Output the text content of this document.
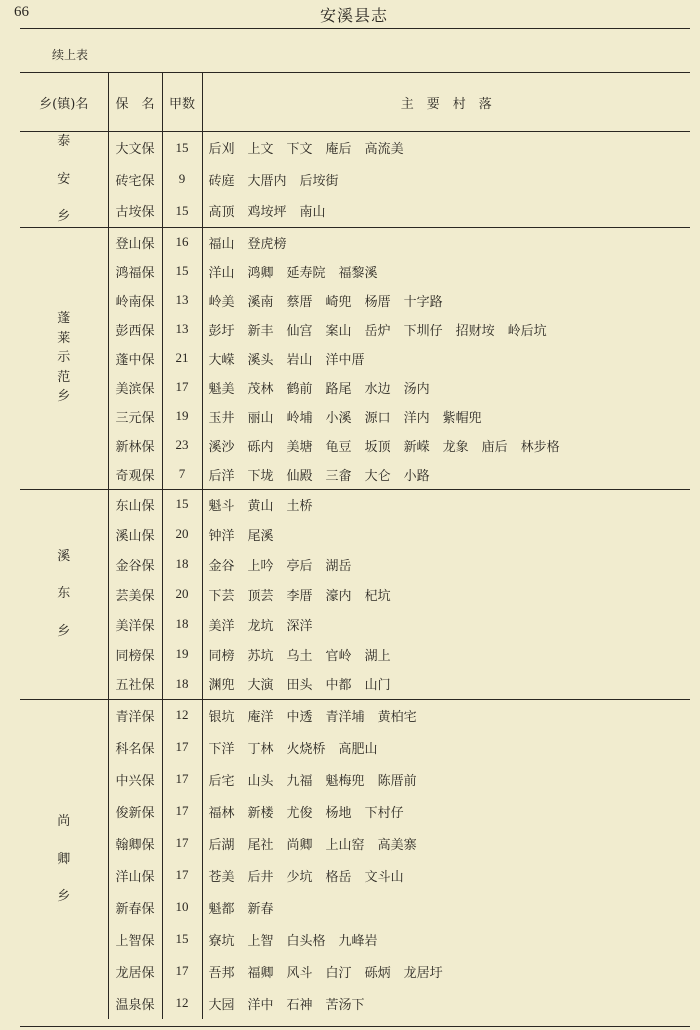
66	安溪县志
续上表
乡(镇)名	保　名	甲数	主　要　村　落

泰
安
乡	大文保	15	后刈 上文 下文 庵后 高流美
	砖宅保	9	砖庭 大厝内 后垵街
	古垵保	15	高顶 鸡垵坪 南山

蓬
莱
示
范
乡	登山保	16	福山 登虎榜
	鸿福保	15	洋山 鸿卿 延寿院 福黎溪
	岭南保	13	岭美 溪南 蔡厝 崎兜 杨厝 十字路
	彭西保	13	彭圩 新丰 仙宫 案山 岳炉 下圳仔 招财垵 岭后坑
	蓬中保	21	大嵘 溪头 岩山 洋中厝
	美滨保	17	魁美 茂林 鹤前 路尾 水边 汤内
	三元保	19	玉井 丽山 岭埔 小溪 源口 洋内 紫帽兜
	新林保	23	溪沙 砾内 美塘 龟豆 坂顶 新嵘 龙象 庙后 林步格
	奇观保	7	后洋 下垅 仙殿 三畲 大仑 小路

溪
东
乡	东山保	15	魁斗 黄山 土桥
	溪山保	20	钟洋 尾溪
	金谷保	18	金谷 上吟 亭后 湖岳
	芸美保	20	下芸 顶芸 李厝 濠内 杞坑
	美洋保	18	美洋 龙坑 深洋
	同榜保	19	同榜 苏坑 乌土 官岭 湖上
	五社保	18	渊兜 大演 田头 中都 山门

尚
卿
乡	青洋保	12	银坑 庵洋 中透 青洋埔 黄柏宅
	科名保	17	下洋 丁林 火烧桥 高肥山
	中兴保	17	后宅 山头 九福 魁梅兜 陈厝前
	俊新保	17	福林 新楼 尤俊 杨地 下村仔
	翰卿保	17	后湖 尾社 尚卿 上山窑 高美寨
	洋山保	17	苍美 后井 少坑 格岳 文斗山
	新春保	10	魁都 新春
	上智保	15	寮坑 上智 白头格 九峰岩
	龙居保	17	吾邦 福卿 风斗 白汀 砾炳 龙居圩
	温泉保	12	大园 洋中 石神 苦汤下
